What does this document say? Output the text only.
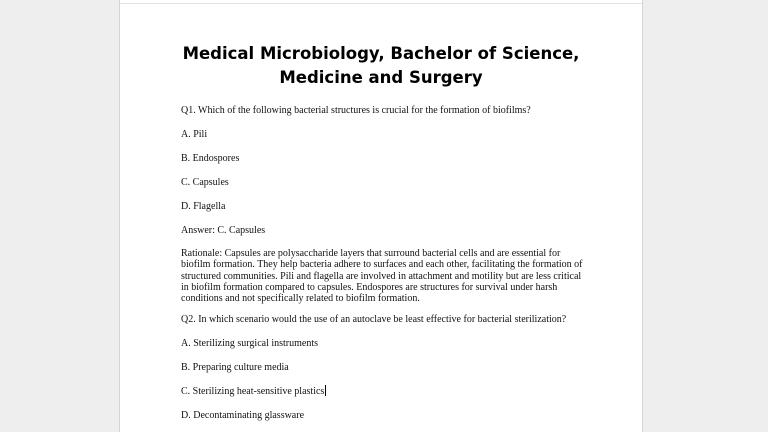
Medical Microbiology, Bachelor of Science,
Medicine and Surgery

Q1. Which of the following bacterial structures is crucial for the formation of biofilms?

A. Pili

B. Endospores

C. Capsules

D. Flagella

Answer: C. Capsules

Rationale: Capsules are polysaccharide layers that surround bacterial cells and are essential for biofilm formation. They help bacteria adhere to surfaces and each other, facilitating the formation of structured communities. Pili and flagella are involved in attachment and motility but are less critical in biofilm formation compared to capsules. Endospores are structures for survival under harsh conditions and not specifically related to biofilm formation.

Q2. In which scenario would the use of an autoclave be least effective for bacterial sterilization?

A. Sterilizing surgical instruments

B. Preparing culture media

C. Sterilizing heat-sensitive plastics

D. Decontaminating glassware
